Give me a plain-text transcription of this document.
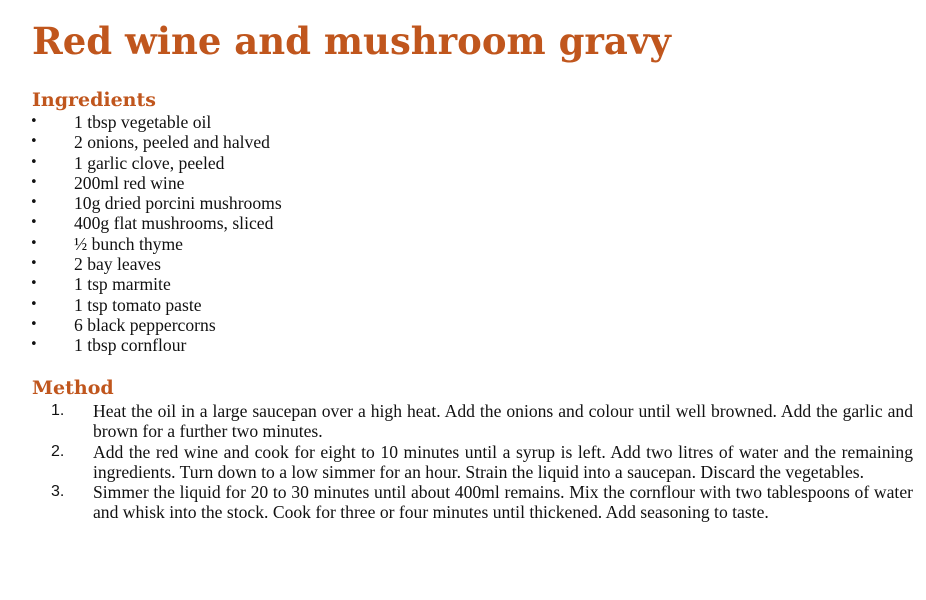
Red wine and mushroom gravy
Ingredients
• 1 tbsp vegetable oil
• 2 onions, peeled and halved
• 1 garlic clove, peeled
• 200ml red wine
• 10g dried porcini mushrooms
• 400g flat mushrooms, sliced
• ½ bunch thyme
• 2 bay leaves
• 1 tsp marmite
• 1 tsp tomato paste
• 6 black peppercorns
• 1 tbsp cornflour
Method
1. Heat the oil in a large saucepan over a high heat. Add the onions and colour until well browned. Add the garlic and brown for a further two minutes.

2. Add the red wine and cook for eight to 10 minutes until a syrup is left. Add two litres of water and the remaining ingredients. Turn down to a low simmer for an hour. Strain the liquid into a saucepan. Discard the vegetables.

3. Simmer the liquid for 20 to 30 minutes until about 400ml remains. Mix the cornflour with two tablespoons of water and whisk into the stock. Cook for three or four minutes until thickened. Add seasoning to taste.
